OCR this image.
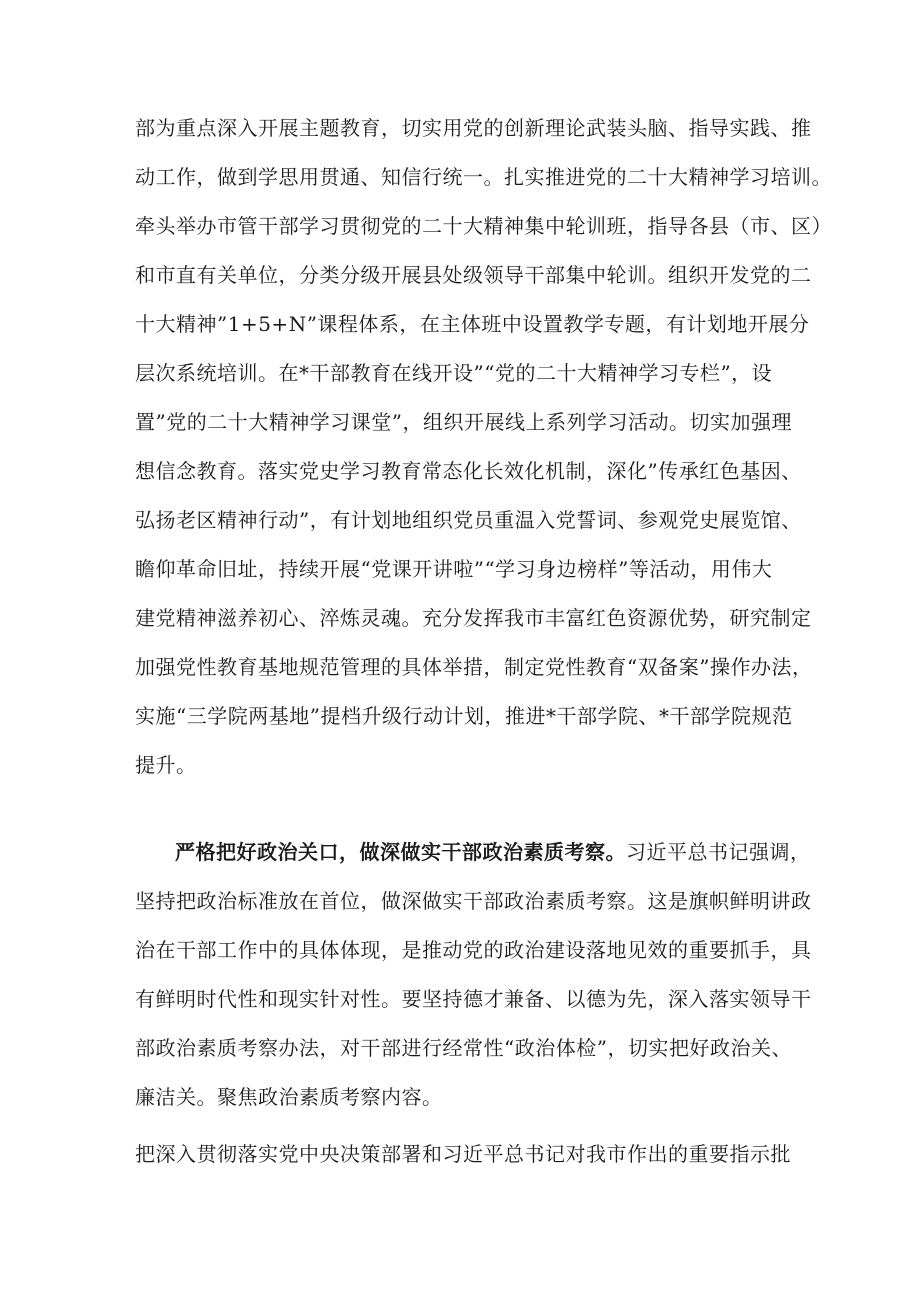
部为重点深入开展主题教育，切实用党的创新理论武装头脑、指导实践、推
动工作，做到学思用贯通、知信行统一。扎实推进党的二十大精神学习培训。
牵头举办市管干部学习贯彻党的二十大精神集中轮训班，指导各县（市、区）
和市直有关单位，分类分级开展县处级领导干部集中轮训。组织开发党的二
十大精神”1+5+N”课程体系，在主体班中设置教学专题，有计划地开展分
层次系统培训。在*干部教育在线开设”“党的二十大精神学习专栏”，设
置”党的二十大精神学习课堂”，组织开展线上系列学习活动。切实加强理
想信念教育。落实党史学习教育常态化长效化机制，深化”传承红色基因、
弘扬老区精神行动”，有计划地组织党员重温入党誓词、参观党史展览馆、
瞻仰革命旧址，持续开展“党课开讲啦”“学习身边榜样”等活动，用伟大
建党精神滋养初心、淬炼灵魂。充分发挥我市丰富红色资源优势，研究制定
加强党性教育基地规范管理的具体举措，制定党性教育“双备案”操作办法，
实施“三学院两基地”提档升级行动计划，推进*干部学院、*干部学院规范
提升。
严格把好政治关口，做深做实干部政治素质考察。习近平总书记强调，
坚持把政治标准放在首位，做深做实干部政治素质考察。这是旗帜鲜明讲政
治在干部工作中的具体体现，是推动党的政治建设落地见效的重要抓手，具
有鲜明时代性和现实针对性。要坚持德才兼备、以德为先，深入落实领导干
部政治素质考察办法，对干部进行经常性“政治体检”，切实把好政治关、
廉洁关。聚焦政治素质考察内容。
把深入贯彻落实党中央决策部署和习近平总书记对我市作出的重要指示批
